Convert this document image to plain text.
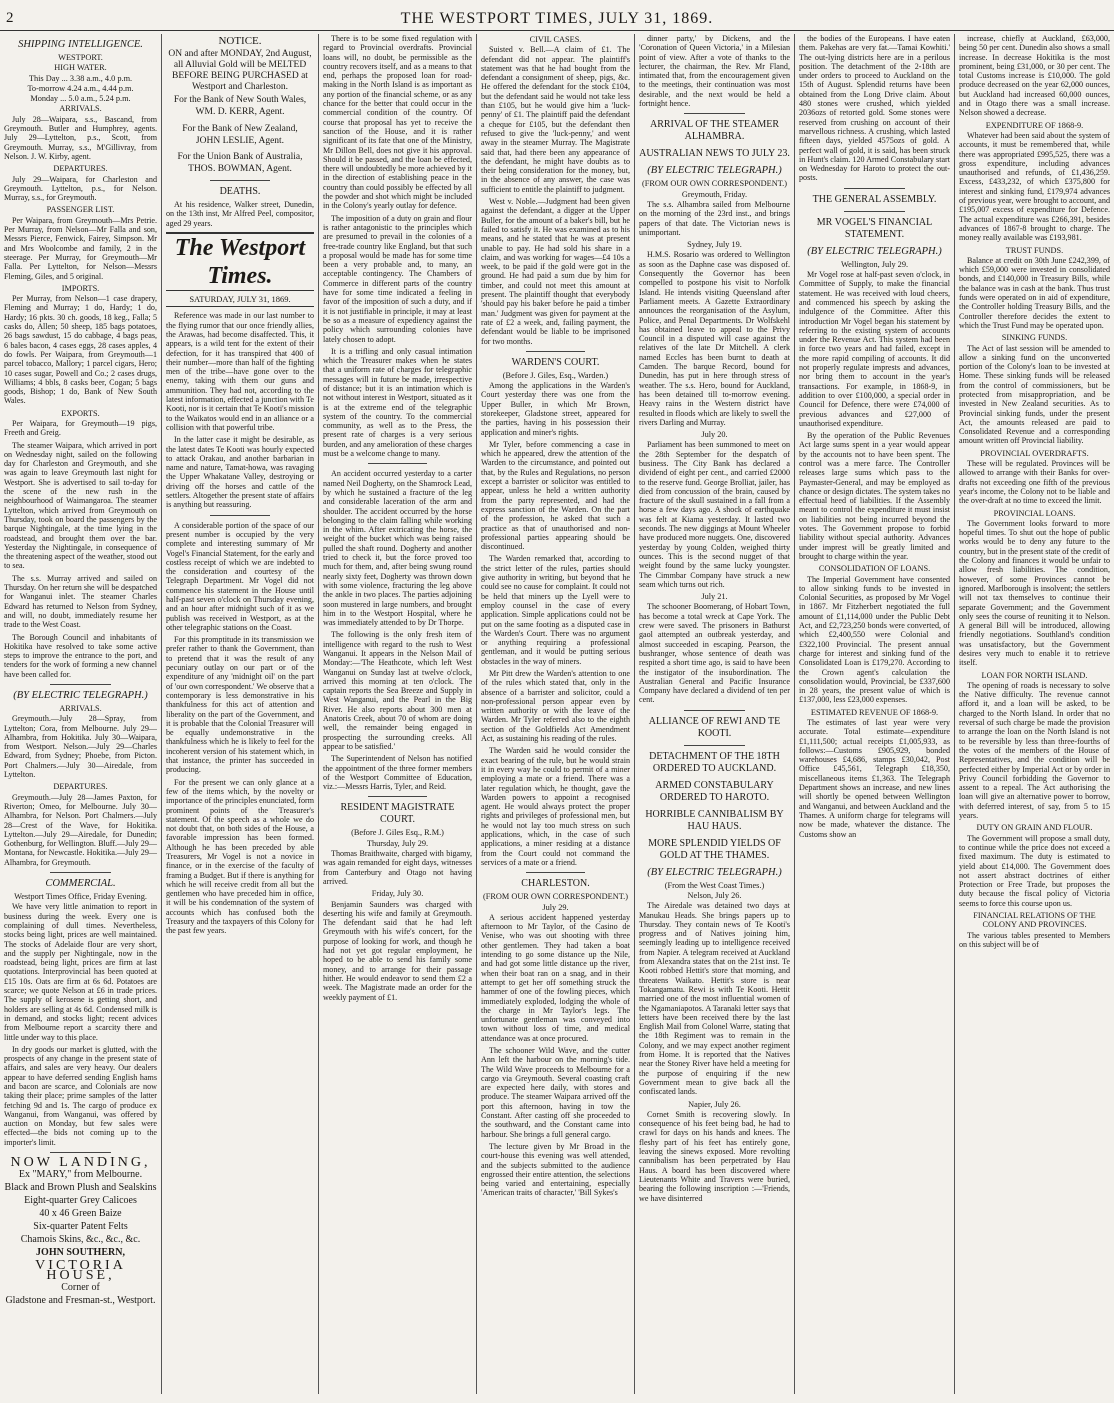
2	THE WESTPORT TIMES, JULY 31, 1869.
SHIPPING INTELLIGENCE.
WESTPORT.
HIGH WATER.
This Day ... 3.38 a.m., 4.0 p.m.
To-morrow 4.24 a.m., 4.44 p.m.
Monday ... 5.0 a.m., 5.24 p.m.
ARRIVALS.

July 28—Waipara, s.s., Bascand, from Greymouth. Butler and Humphrey, agents. July 29—Lyttelton, p.s., Scott, from Greymouth. Murray, s.s., M'Gillivray, from Nelson. J. W. Kirby, agent.

DEPARTURES.

July 29—Waipara, for Charleston and Greymouth. Lyttelton, p.s., for Nelson. Murray, s.s., for Greymouth.

PASSENGER LIST.

Per Waipara, from Greymouth—Mrs Petrie. Per Murray, from Nelson—Mr Falla and son, Messrs Pierce, Fenwick, Fairey, Simpson. Mr and Mrs Woolcombe and family, 2 in the steerage. Per Murray, for Greymouth—Mr Falla. Per Lyttelton, for Nelson—Messrs Fleming, Giles, and 5 original.

IMPORTS.

Per Murray, from Nelson—1 case drapery, Fleming and Murray; 1 do, Hardy; 1 do, Hardy; 16 pkts. 30 ch. goods, 18 keg., Falla; 5 casks do, Allen; 50 sheep, 185 bags potatoes, 26 bags sawdust, 15 do cabbage, 4 bags peas, 6 bales bacon, 4 cases eggs, 28 cases apples, 4 do fowls. Per Waipara, from Greymouth—1 parcel tobacco, Mallory; 1 parcel cigars, Hero; 10 cases sugar, Powell and Co.; 2 cases drugs, Williams; 4 bbls, 8 casks beer, Cogan; 5 bags goods, Bishop; 1 do, Bank of New South Wales.

EXPORTS.

Per Waipara, for Greymouth—19 pigs, Freeth and Greig.

The steamer Waipara, which arrived in port on Wednesday night, sailed on the following day for Charleston and Greymouth, and she was again to leave Greymouth last night for Westport. She is advertised to sail to-day for the scene of the new rush in the neighbourhood of Waimangaroa. The steamer Lyttelton, which arrived from Greymouth on Thursday, took on board the passengers by the barque Nightingale, at the time lying in the roadstead, and brought them over the bar. Yesterday the Nightingale, in consequence of the threatening aspect of the weather, stood out to sea.

The s.s. Murray arrived and sailed on Thursday. On her return she will be despatched for Wanganui inlet. The steamer Charles Edward has returned to Nelson from Sydney, and will, no doubt, immediately resume her trade to the West Coast.

The Borough Council and inhabitants of Hokitika have resolved to take some active steps to improve the entrance to the port, and tenders for the work of forming a new channel have been called for.

(BY ELECTRIC TELEGRAPH.)
ARRIVALS.

Greymouth.—July 28—Spray, from Lyttelton; Cora, from Melbourne. July 29—Alhambra, from Hokitika. July 30—Waipara, from Westport. Nelson.—July 29—Charles Edward, from Sydney; Phoebe, from Picton. Port Chalmers.—July 30—Airedale, from Lyttelton.

DEPARTURES.

Greymouth.—July 28—James Paxton, for Riverton; Omeo, for Melbourne. July 30—Alhambra, for Nelson. Port Chalmers.—July 28—Crest of the Wave, for Hokitika. Lyttelton.—July 29—Airedale, for Dunedin; Gothenburg, for Wellington. Bluff.—July 29—Montana, for Newcastle. Hokitika.—July 29—Alhambra, for Greymouth.

COMMERCIAL.
Westport Times Office, Friday Evening.

We have very little animation to report in business during the week. Every one is complaining of dull times. Nevertheless, stocks being light, prices are well maintained. The stocks of Adelaide flour are very short, and the supply per Nightingale, now in the roadstead, being light, prices are firm at last quotations. Interprovincial has been quoted at £15 10s. Oats are firm at 6s 6d. Potatoes are scarce; we quote Nelson at £6 in trade prices. The supply of kerosene is getting short, and holders are selling at 4s 6d. Condensed milk is in demand, and stocks light; recent advices from Melbourne report a scarcity there and little under way to this place.

In dry goods our market is glutted, with the prospects of any change in the present state of affairs, and sales are very heavy. Our dealers appear to have deferred sending English hams and bacon are scarce, and Colonials are now taking their place; prime samples of the latter fetching 9d and 1s. The cargo of produce ex Wanganui, from Wanganui, was offered by auction on Monday, but few sales were effected—the bids not coming up to the importer's limit.

NOW LANDING,
Ex "MARY," from Melbourne.
Black and Brown Plush and Sealskins
Eight-quarter Grey Calicoes
40 x 46 Green Baize
Six-quarter Patent Felts
Chamois Skins, &c., &c., &c.
JOHN SOUTHERN,
VICTORIA HOUSE,
Corner of
Gladstone and Fresman-st., Westport.
NOTICE.

ON and after MONDAY, 2nd August, all Alluvial Gold will be MELTED BEFORE BEING PURCHASED at Westport and Charleston.

For the Bank of New South Wales,

WM. D. KERR, Agent.

For the Bank of New Zealand,

JOHN LESLIE, Agent.

For the Union Bank of Australia,

THOS. BOWMAN, Agent.
DEATHS.

At his residence, Walker street, Dunedin, on the 13th inst, Mr Alfred Peel, compositor, aged 29 years.

The Westport Times.
SATURDAY, JULY 31, 1869.

Reference was made in our last number to the flying rumor that our once friendly allies, the Arawas, had become disaffected. This, it appears, is a wild tent for the extent of their defection, for it has transpired that 400 of their number—more than half of the fighting men of the tribe—have gone over to the enemy, taking with them our guns and ammunition. They had not, according to the latest information, effected a junction with Te Kooti, nor is it certain that Te Kooti's mission to the Waikatos would end in an alliance or a collision with that powerful tribe.

In the latter case it might be desirable, as the latest dates Te Kooti was hourly expected to attack Orakau, and another barbarian in name and nature, Tamat-howa, was ravaging the Upper Whakatane Valley, destroying or driving off the horses and cattle of the settlers. Altogether the present state of affairs is anything but reassuring.

A considerable portion of the space of our present number is occupied by the very complete and interesting summary of Mr Vogel's Financial Statement, for the early and costless receipt of which we are indebted to the consideration and courtesy of the Telegraph Department. Mr Vogel did not commence his statement in the House until half-past seven o'clock on Thursday evening, and an hour after midnight such of it as we publish was received in Westport, as at the other telegraphic stations on the Coast.

For this promptitude in its transmission we prefer rather to thank the Government, than to pretend that it was the result of any pecuniary outlay on our part or of the expenditure of any 'midnight oil' on the part of 'our own correspondent.' We observe that a contemporary is less demonstrative in his thankfulness for this act of attention and liberality on the part of the Government, and it is probable that the Colonial Treasurer will be equally undemonstrative in the thankfulness which he is likely to feel for the incoherent version of his statement which, in that instance, the printer has succeeded in producing.

For the present we can only glance at a few of the items which, by the novelty or importance of the principles enunciated, form prominent points of the Treasurer's statement. Of the speech as a whole we do not doubt that, on both sides of the House, a favorable impression has been formed. Although he has been preceded by able Treasurers, Mr Vogel is not a novice in finance, or in the exercise of the faculty of framing a Budget. But if there is anything for which he will receive credit from all but the gentlemen who have preceded him in office, it will be his condemnation of the system of accounts which has confused both the Treasury and the taxpayers of this Colony for the past few years.

There is to be some fixed regulation with regard to Provincial overdrafts. Provincial loans will, no doubt, be permissible as the country recovers itself, and as a means to that end, perhaps the proposed loan for road-making in the North Island is as important as any portion of the financial scheme, or as any chance for the better that could occur in the commercial condition of the country. Of course that proposal has yet to receive the sanction of the House, and it is rather significant of its fate that one of the Ministry, Mr Dillon Bell, does not give it his approval. Should it be passed, and the loan be effected, there will undoubtedly be more achieved by it in the direction of establishing peace in the country than could possibly be effected by all the powder and shot which might be included in the Colony's yearly outlay for defence.

The imposition of a duty on grain and flour is rather antagonistic to the principles which are presumed to prevail in the colonies of a free-trade country like England, but that such a proposal would be made has for some time been a very probable and, to many, an acceptable contingency. The Chambers of Commerce in different parts of the country have for some time indicated a feeling in favor of the imposition of such a duty, and if it is not justifiable in principle, it may at least be so as a measure of expediency against the policy which surrounding colonies have lately chosen to adopt.

It is a trifling and only casual intimation which the Treasurer makes when he states that a uniform rate of charges for telegraphic messages will in future be made, irrespective of distance; but it is an intimation which is not without interest in Westport, situated as it is at the extreme end of the telegraphic system of the country. To the commercial community, as well as to the Press, the present rate of charges is a very serious burden, and any amelioration of these charges must be a welcome change to many.

An accident occurred yesterday to a carter named Neil Dogherty, on the Shamrock Lead, by which he sustained a fracture of the leg and considerable laceration of the arm and shoulder. The accident occurred by the horse belonging to the claim falling while working in the whim. After extricating the horse, the weight of the bucket which was being raised pulled the shaft round. Dogherty and another tried to check it, but the force proved too much for them, and, after being swung round nearly sixty feet, Dogherty was thrown down with some violence, fracturing the leg above the ankle in two places. The parties adjoining soon mustered in large numbers, and brought him in to the Westport Hospital, where he was immediately attended to by Dr Thorpe.

The following is the only fresh item of intelligence with regard to the rush to West Wanganui. It appears in the Nelson Mail of Monday:—'The Heathcote, which left West Wanganui on Sunday last at twelve o'clock, arrived this morning at ten o'clock. The captain reports the Sea Breeze and Supply in West Wanganui, and the Pearl in the Big River. He also reports about 300 men at Anatoris Creek, about 70 of whom are doing well, the remainder being engaged in prospecting the surrounding creeks. All appear to be satisfied.'

The Superintendent of Nelson has notified the appointment of the three former members of the Westport Committee of Education, viz.:—Messrs Harris, Tyler, and Reid.

RESIDENT MAGISTRATE COURT.
(Before J. Giles Esq., R.M.)
Thursday, July 29.

Thomas Braithwaite, charged with bigamy, was again remanded for eight days, witnesses from Canterbury and Otago not having arrived.

Friday, July 30.

Benjamin Saunders was charged with deserting his wife and family at Greymouth. The defendant said that he had left Greymouth with his wife's concert, for the purpose of looking for work, and though he had not yet got regular employment, he hoped to be able to send his family some money, and to arrange for their passage hither. He would endeavor to send them £2 a week. The Magistrate made an order for the weekly payment of £1.

CIVIL CASES.

Suisted v. Bell.—A claim of £1. The defendant did not appear. The plaintiff's statement was that he had bought from the defendant a consignment of sheep, pigs, &c. He offered the defendant for the stock £104, but the defendant said he would not take less than £105, but he would give him a 'luck-penny' of £1. The plaintiff paid the defendant a cheque for £105, but the defendant then refused to give the 'luck-penny,' and went away in the steamer Murray. The Magistrate said that, had there been any appearance of the defendant, he might have doubts as to their being consideration for the money, but, in the absence of any answer, the case was sufficient to entitle the plaintiff to judgment.

West v. Noble.—Judgment had been given against the defendant, a digger at the Upper Buller, for the amount of a baker's bill, but he failed to satisfy it. He was examined as to his means, and he stated that he was at present unable to pay. He had sold his share in a claim, and was working for wages—£4 10s a week, to be paid if the gold were got in the ground. He had paid a sum due by him for timber, and could not meet this amount at present. The plaintiff thought that everybody 'should pay his baker before he paid a timber man.' Judgment was given for payment at the rate of £2 a week, and, failing payment, the defendant would be liable to be imprisoned for two months.

WARDEN'S COURT.
(Before J. Giles, Esq., Warden.)

Among the applications in the Warden's Court yesterday there was one from the Upper Buller, in which Mr Brown, storekeeper, Gladstone street, appeared for the parties, having in his possession their application and miner's rights.

Mr Tyler, before commencing a case in which he appeared, drew the attention of the Warden to the circumstance, and pointed out that, by the Rules and Regulations, no person except a barrister or solicitor was entitled to appear, unless he held a written authority from the party represented, and had the express sanction of the Warden. On the part of the profession, he asked that such a practice as that of unauthorised and non-professional parties appearing should be discontinued.

The Warden remarked that, according to the strict letter of the rules, parties should give authority in writing, but beyond that he could see no cause for complaint. It could not be held that miners up the Lyell were to employ counsel in the case of every application. Simple applications could not be put on the same footing as a disputed case in the Warden's Court. There was no argument or anything requiring a professional gentleman, and it would be putting serious obstacles in the way of miners.

Mr Pitt drew the Warden's attention to one of the rules which stated that, only in the absence of a barrister and solicitor, could a non-professional person appear even by written authority or with the leave of the Warden. Mr Tyler referred also to the eighth section of the Goldfields Act Amendment Act, as sustaining his reading of the rules.

The Warden said he would consider the exact bearing of the rule, but he would strain it in every way he could to permit of a miner employing a mate or a friend. There was a later regulation which, he thought, gave the Warden powers to appoint a recognised agent. He would always protect the proper rights and privileges of professional men, but he would not lay too much stress on such applications, which, in the case of such applications, a miner residing at a distance from the Court could not command the services of a mate or a friend.

CHARLESTON.
(FROM OUR OWN CORRESPONDENT.)
July 29.

A serious accident happened yesterday afternoon to Mr Taylor, of the Casino de Venise, who was out shooting with three other gentlemen. They had taken a boat intending to go some distance up the Nile, and had got some little distance up the river, when their boat ran on a snag, and in their attempt to get her off something struck the hammer of one of the fowling pieces, which immediately exploded, lodging the whole of the charge in Mr Taylor's legs. The unfortunate gentleman was conveyed into town without loss of time, and medical attendance was at once procured.

The schooner Wild Wave, and the cutter Ann left the harbour on the morning's tide. The Wild Wave proceeds to Melbourne for a cargo via Greymouth. Several coasting craft are expected here daily, with stores and produce. The steamer Waipara arrived off the port this afternoon, having in tow the Constant. After casting off she proceeded to the southward, and the Constant came into harbour. She brings a full general cargo.

The lecture given by Mr Broad in the court-house this evening was well attended, and the subjects submitted to the audience engrossed their entire attention, the selections being varied and entertaining, especially 'American traits of character,' 'Bill Sykes's

dinner party,' by Dickens, and the 'Coronation of Queen Victoria,' in a Milesian point of view. After a vote of thanks to the lecturer, the chairman, the Rev. Mr Fland, intimated that, from the encouragement given to the meetings, their continuation was most desirable, and the next would be held a fortnight hence.

ARRIVAL OF THE STEAMER ALHAMBRA.
AUSTRALIAN NEWS TO JULY 23.
(BY ELECTRIC TELEGRAPH.)
(FROM OUR OWN CORRESPONDENT.)
Greymouth, Friday.

The s.s. Alhambra sailed from Melbourne on the morning of the 23rd inst., and brings papers of that date. The Victorian news is unimportant.

Sydney, July 19.

H.M.S. Rosario was ordered to Wellington as soon as the Daphne case was disposed of. Consequently the Governor has been compelled to postpone his visit to Norfolk Island. He intends visiting Queensland after Parliament meets. A Gazette Extraordinary announces the reorganisation of the Asylum, Police, and Penal Departments. Dr Wolfskehl has obtained leave to appeal to the Privy Council in a disputed will case against the relatives of the late Dr Mitchell. A clerk named Eccles has been burnt to death at Camden. The barque Record, bound for Dunedin, has put in here through stress of weather. The s.s. Hero, bound for Auckland, has been detained till to-morrow evening. Heavy rains in the Western district have resulted in floods which are likely to swell the rivers Darling and Murray.

July 20.

Parliament has been summoned to meet on the 28th September for the despatch of business. The City Bank has declared a dividend of eight per cent., and carried £2000 to the reserve fund. George Brolliat, jailer, has died from concussion of the brain, caused by fracture of the skull sustained in a fall from a horse a few days ago. A shock of earthquake was felt at Kiama yesterday. It lasted two seconds. The new diggings at Mount Wheeler have produced more nuggets. One, discovered yesterday by young Colden, weighed thirty ounces. This is the second nugget of that weight found by the same lucky youngster. The Cimmbar Company have struck a new seam which turns out rich.

July 21.

The schooner Boomerang, of Hobart Town, has become a total wreck at Cape York. The crew were saved. The prisoners in Bathurst gaol attempted an outbreak yesterday, and almost succeeded in escaping. Pearson, the bushranger, whose sentence of death was respited a short time ago, is said to have been the instigator of the insubordination. The Australian General and Pacific Insurance Company have declared a dividend of ten per cent.

ALLIANCE OF REWI AND TE KOOTI.
DETACHMENT OF THE 18TH ORDERED TO AUCKLAND.
ARMED CONSTABULARY ORDERED TO HAROTO.
HORRIBLE CANNIBALISM BY HAU HAUS.
MORE SPLENDID YIELDS OF GOLD AT THE THAMES.
(BY ELECTRIC TELEGRAPH.)
(From the West Coast Times.)
Nelson, July 26.

The Airedale was detained two days at Manukau Heads. She brings papers up to Thursday. They contain news of Te Kooti's progress and of Natives joining him, seemingly leading up to intelligence received from Napier. A telegram received at Auckland from Alexandra states that on the 21st inst. Te Kooti robbed Hettit's store that morning, and threatens Waikato. Hettit's store is near Tokangamatu. Rewi is with Te Kooti. Hettit married one of the most influential women of the Ngamaniapotos. A Taranaki letter says that letters have been received there by the last English Mail from Colonel Warre, stating that the 18th Regiment was to remain in the Colony, and we may expect another regiment from Home. It is reported that the Natives near the Stoney River have held a meeting for the purpose of enquiring if the new Government mean to give back all the confiscated lands.

Napier, July 26.

Cornet Smith is recovering slowly. In consequence of his feet being bad, he had to crawl for days on his hands and knees. The fleshy part of his feet has entirely gone, leaving the sinews exposed. More revolting cannibalism has been perpetrated by Hau Haus. A board has been discovered where Lieutenants White and Travers were buried, bearing the following inscription :—'Friends, we have disinterred

the bodies of the Europeans. I have eaten them. Pakehas are very fat.—Tamai Kowhiti.' The out-lying districts here are in a perilous position. The detachment of the 2-18th are under orders to proceed to Auckland on the 15th of August. Splendid returns have been obtained from the Long Drive claim. About 480 stones were crushed, which yielded 2036ozs of retorted gold. Some stones were reserved from crushing on account of their marvellous richness. A crushing, which lasted fifteen days, yielded 4575ozs of gold. A perfect wall of gold, it is said, has been struck in Hunt's claim. 120 Armed Constabulary start on Wednesday for Haroto to protect the out-posts.

THE GENERAL ASSEMBLY.
MR VOGEL'S FINANCIAL STATEMENT.
(BY ELECTRIC TELEGRAPH.)
Wellington, July 29.

Mr Vogel rose at half-past seven o'clock, in Committee of Supply, to make the financial statement. He was received with loud cheers, and commenced his speech by asking the indulgence of the Committee. After this introduction Mr Vogel began his statement by referring to the existing system of accounts under the Revenue Act. This system had been in force two years and had failed, except in the more rapid compiling of accounts. It did not properly regulate imprests and advances, nor bring them to account in the year's transactions. For example, in 1868-9, in addition to over £100,000, a special order in Council for Defence, there were £74,000 of previous advances and £27,000 of unauthorised expenditure.

By the operation of the Public Revenues Act large sums spent in a year would appear by the accounts not to have been spent. The control was a mere farce. The Controller releases large sums which pass to the Paymaster-General, and may be employed as chance or design dictates. The system takes no effectual heed of liabilities. If the Assembly meant to control the expenditure it must insist on liabilities not being incurred beyond the votes. The Government propose to forbid liability without special authority. Advances under imprest will be greatly limited and brought to charge within the year.

CONSOLIDATION OF LOANS.

The Imperial Government have consented to allow sinking funds to be invested in Colonial Securities, as proposed by Mr Vogel in 1867. Mr Fitzherbert negotiated the full amount of £1,114,000 under the Public Debt Act, and £2,723,250 bonds were converted, of which £2,400,550 were Colonial and £322,100 Provincial. The present annual charge for interest and sinking fund of the Consolidated Loan is £179,270. According to the Crown agent's calculation the consolidation would, Provincial, be £337,600 in 28 years, the present value of which is £137,000, less £23,000 expenses.

ESTIMATED REVENUE OF 1868-9.

The estimates of last year were very accurate. Total estimate—expenditure £1,111,500; actual receipts £1,005,933, as follows:—Customs £905,929, bonded warehouses £4,686, stamps £30,042, Post Office £45,561, Telegraph £18,350, miscellaneous items £1,363. The Telegraph Department shows an increase, and new lines will shortly be opened between Wellington and Wanganui, and between Auckland and the Thames. A uniform charge for telegrams will now be made, whatever the distance. The Customs show an

increase, chiefly at Auckland, £63,000, being 50 per cent. Dunedin also shows a small increase. In decrease Hokitika is the most prominent, being £31,000, or 30 per cent. The total Customs increase is £10,000. The gold produce decreased on the year 62,000 ounces, but Auckland had increased 60,000 ounces, and in Otago there was a small increase. Nelson showed a decrease.

EXPENDITURE OF 1868-9.

Whatever had been said about the system of accounts, it must be remembered that, while there was appropriated £995,525, there was a gross expenditure, including advances unauthorised and refunds, of £1,436,259. Excess, £433,232, of which £375,800 for interest and sinking fund, £179,974 advances of previous year, were brought to account, and £195,007 excess of expenditure for Defence. The actual expenditure was £266,391, besides advances of 1867-8 brought to charge. The money really available was £193,981.

TRUST FUNDS.

Balance at credit on 30th June £242,399, of which £59,000 were invested in consolidated bonds, and £140,000 in Treasury Bills, while the balance was in cash at the bank. Thus trust funds were operated on in aid of expenditure, the Controller holding Treasury Bills, and the Controller therefore decides the extent to which the Trust Fund may be operated upon.

SINKING FUNDS.

The Act of last session will be amended to allow a sinking fund on the unconverted portion of the Colony's loan to be invested at Home. These sinking funds will be released from the control of commissioners, but be protected from misappropriation, and be invested in New Zealand securities. As to Provincial sinking funds, under the present Act, the amounts released are paid to Consolidated Revenue and a corresponding amount written off Provincial liability.

PROVINCIAL OVERDRAFTS.

These will be regulated. Provinces will be allowed to arrange with their Banks for over-drafts not exceeding one fifth of the previous year's income, the Colony not to be liable and the over-draft at no time to exceed the limit.

PROVINCIAL LOANS.

The Government looks forward to more hopeful times. To shut out the hope of public works would be to deny any future to the country, but in the present state of the credit of the Colony and finances it would be unfair to allow fresh liabilities. The condition, however, of some Provinces cannot be ignored. Marlborough is insolvent; the settlers will not tax themselves to continue their separate Government; and the Government only sees the course of reuniting it to Nelson. A general Bill will be introduced, allowing friendly negotiations. Southland's condition was unsatisfactory, but the Government desires very much to enable it to retrieve itself.

LOAN FOR NORTH ISLAND.

The opening of roads is necessary to solve the Native difficulty. The revenue cannot afford it, and a loan will be asked, to be charged to the North Island. In order that no reversal of such charge be made the provision to arrange the loan on the North Island is not to be reversible by less than three-fourths of the votes of the members of the House of Representatives, and the condition will be perfected either by Imperial Act or by order in Privy Council forbidding the Governor to assent to a repeal. The Act authorising the loan will give an alternative power to borrow, with deferred interest, of say, from 5 to 15 years.

DUTY ON GRAIN AND FLOUR.

The Government will propose a small duty, to continue while the price does not exceed a fixed maximum. The duty is estimated to yield about £14,000. The Government does not assert abstract doctrines of either Protection or Free Trade, but proposes the duty because the fiscal policy of Victoria seems to force this course upon us.

FINANCIAL RELATIONS OF THE COLONY AND PROVINCES.

The various tables presented to Members on this subject will be of
